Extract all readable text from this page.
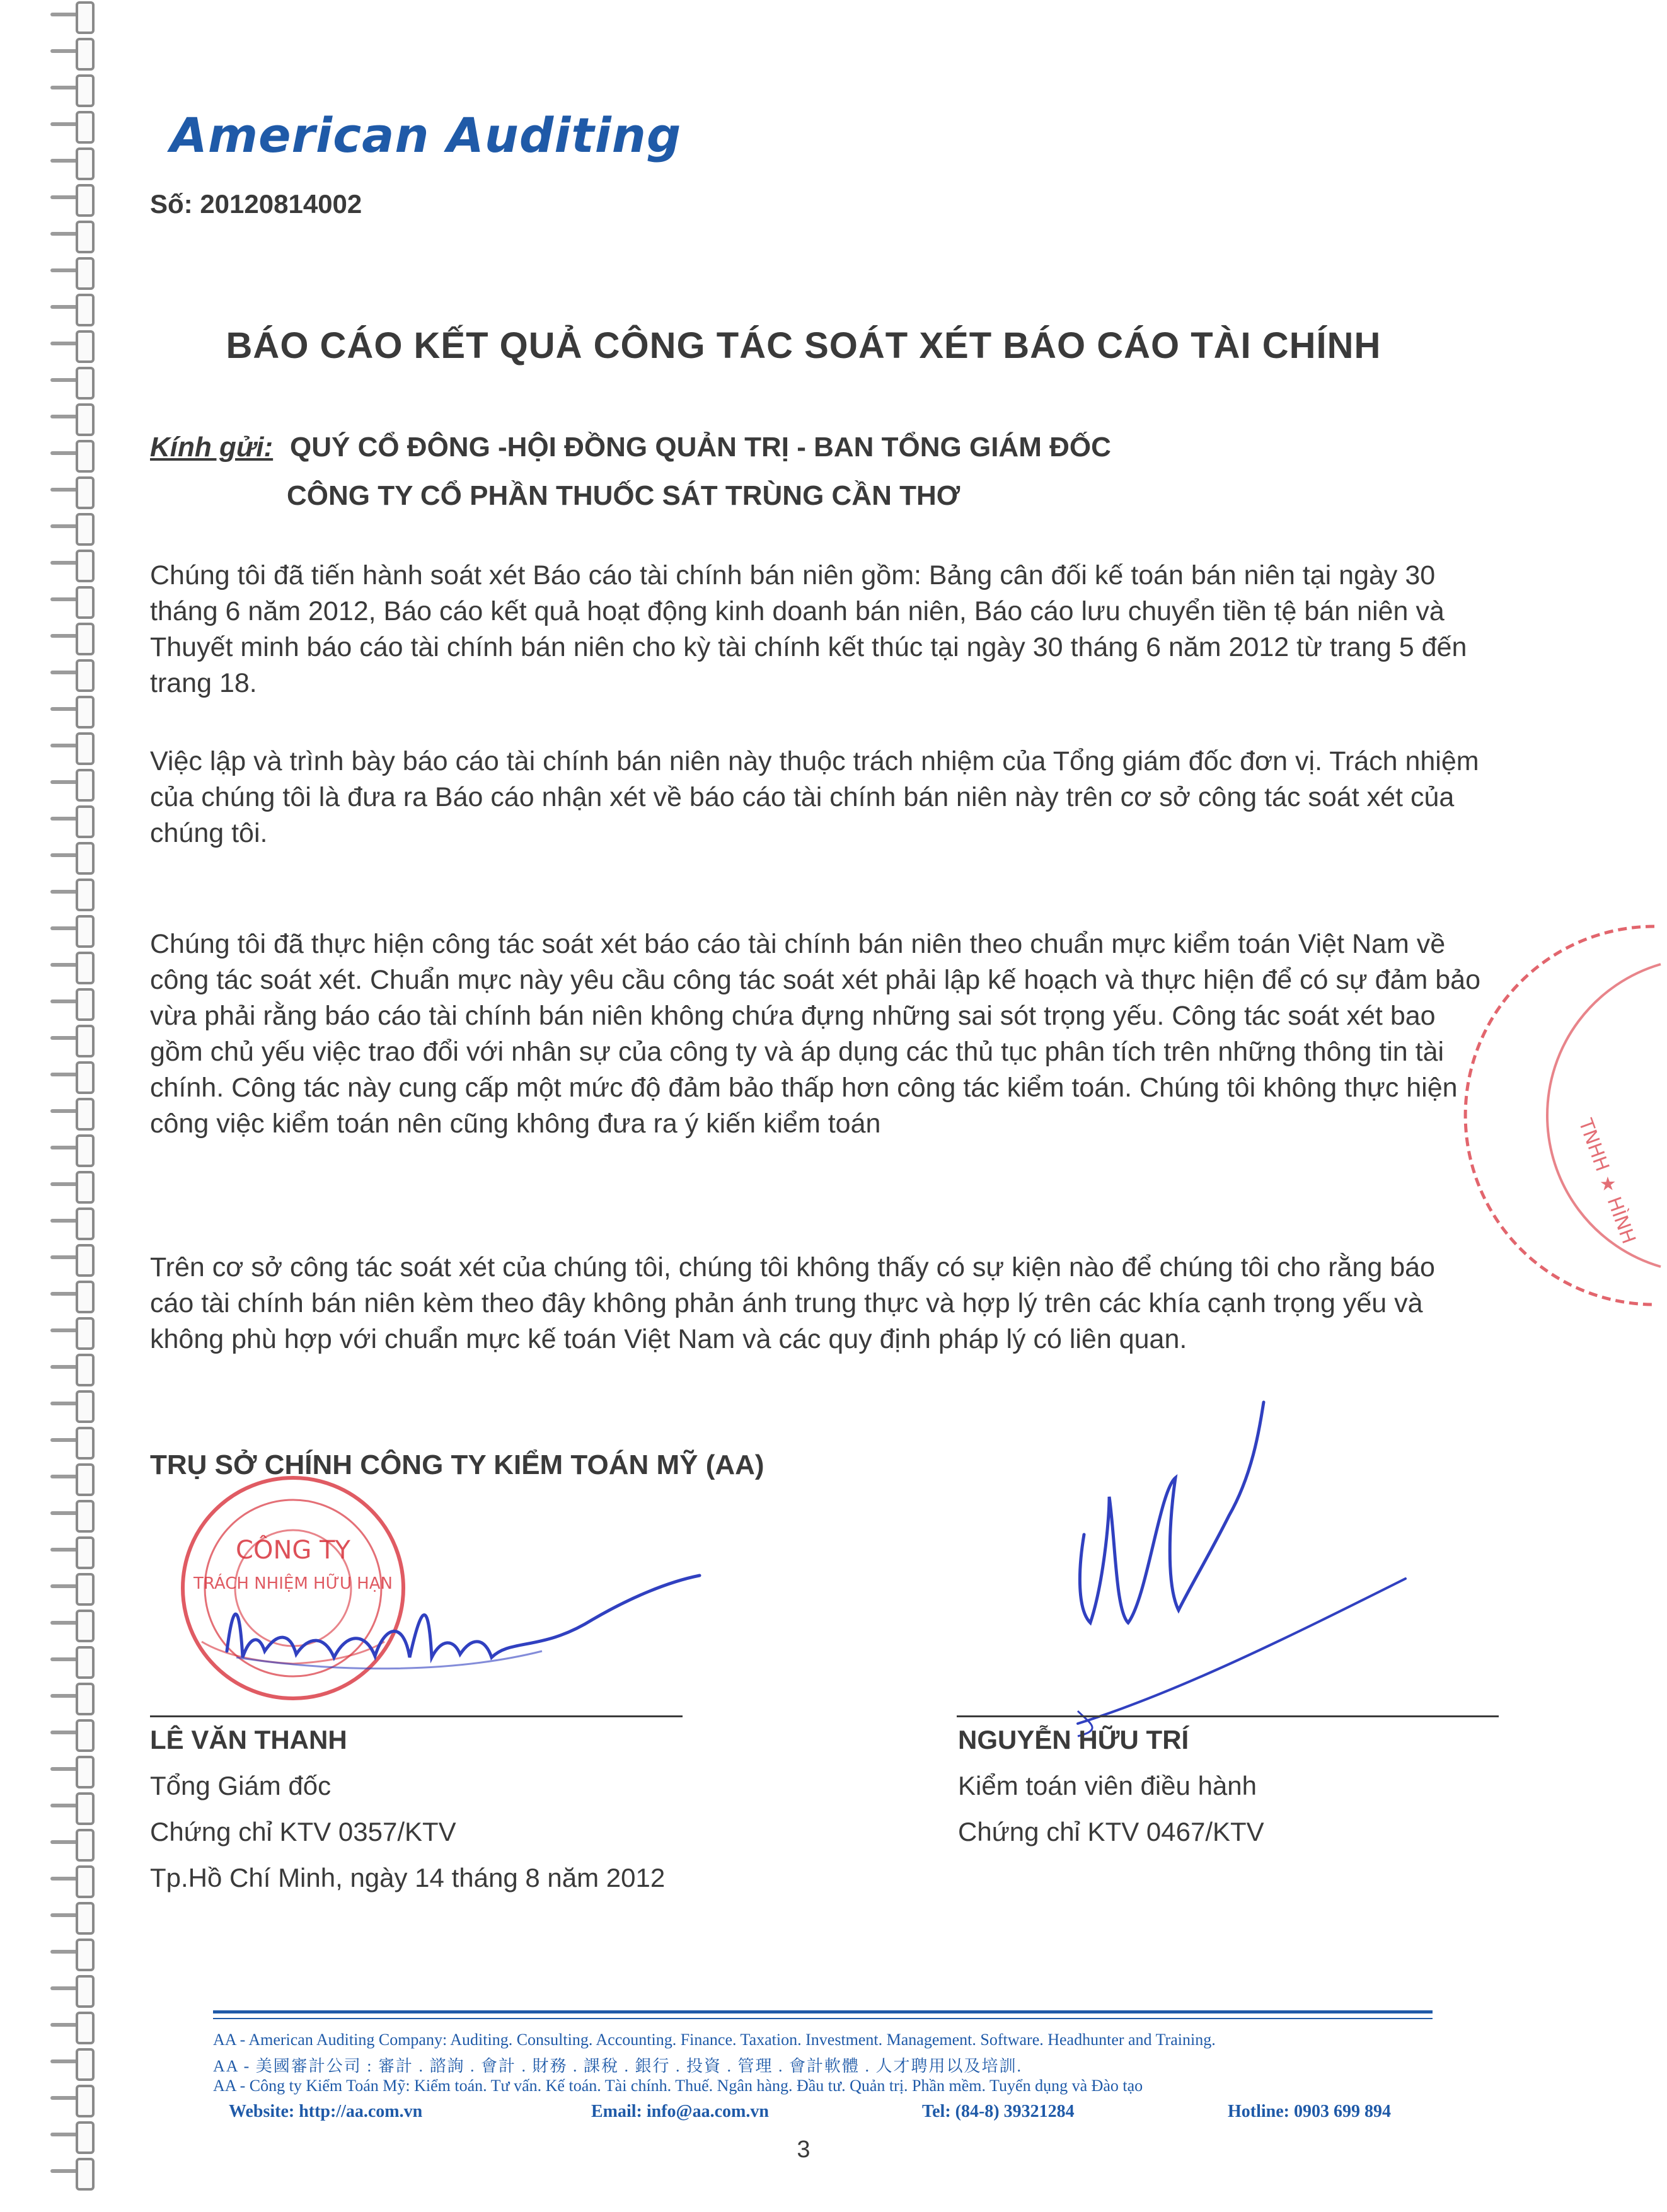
American Auditing
Số: 20120814002
BÁO CÁO KẾT QUẢ CÔNG TÁC SOÁT XÉT BÁO CÁO TÀI CHÍNH
Kính gửi: QUÝ CỔ ĐÔNG -HỘI ĐỒNG QUẢN TRỊ - BAN TỔNG GIÁM ĐỐC
CÔNG TY CỔ PHẦN THUỐC SÁT TRÙNG CẦN THƠ
Chúng tôi đã tiến hành soát xét Báo cáo tài chính bán niên gồm: Bảng cân đối kế toán bán niên tại ngày 30 tháng 6 năm 2012, Báo cáo kết quả hoạt động kinh doanh bán niên, Báo cáo lưu chuyển tiền tệ bán niên và Thuyết minh báo cáo tài chính bán niên cho kỳ tài chính kết thúc tại ngày 30 tháng 6 năm 2012 từ trang 5 đến trang 18.
Việc lập và trình bày báo cáo tài chính bán niên này thuộc trách nhiệm của Tổng giám đốc đơn vị. Trách nhiệm của chúng tôi là đưa ra Báo cáo nhận xét về báo cáo tài chính bán niên này trên cơ sở công tác soát xét của chúng tôi.
Chúng tôi đã thực hiện công tác soát xét báo cáo tài chính bán niên theo chuẩn mực kiểm toán Việt Nam về công tác soát xét. Chuẩn mực này yêu cầu công tác soát xét phải lập kế hoạch và thực hiện để có sự đảm bảo vừa phải rằng báo cáo tài chính bán niên không chứa đựng những sai sót trọng yếu. Công tác soát xét bao gồm chủ yếu việc trao đổi với nhân sự của công ty và áp dụng các thủ tục phân tích trên những thông tin tài chính. Công tác này cung cấp một mức độ đảm bảo thấp hơn công tác kiểm toán. Chúng tôi không thực hiện công việc kiểm toán nên cũng không đưa ra ý kiến kiểm toán
Trên cơ sở công tác soát xét của chúng tôi, chúng tôi không thấy có sự kiện nào để chúng tôi cho rằng báo cáo tài chính bán niên kèm theo đây không phản ánh trung thực và hợp lý trên các khía cạnh trọng yếu và không phù hợp với chuẩn mực kế toán Việt Nam và các quy định pháp lý có liên quan.
TRỤ SỞ CHÍNH CÔNG TY KIỂM TOÁN MỸ (AA)
TNHH ★ HÌNH
CÔNG TY
TRÁCH NHIỆM HỮU HẠN
LÊ VĂN THANH
Tổng Giám đốc
Chứng chỉ KTV 0357/KTV
Tp.Hồ Chí Minh, ngày 14 tháng 8 năm 2012
NGUYỄN HỮU TRÍ
Kiểm toán viên điều hành
Chứng chỉ KTV 0467/KTV
AA - American Auditing Company: Auditing. Consulting. Accounting. Finance. Taxation. Investment. Management. Software. Headhunter and Training.
AA - 美國審計公司 : 審計 . 諮詢 . 會計 . 財務 . 課稅 . 銀行 . 投資 . 管理 . 會計軟體 . 人才聘用以及培訓.
AA - Công ty Kiểm Toán Mỹ: Kiểm toán. Tư vấn. Kế toán. Tài chính. Thuế. Ngân hàng. Đầu tư. Quản trị. Phần mềm. Tuyển dụng và Đào tạo
Website: http://aa.com.vn	Email: info@aa.com.vn	Tel: (84-8) 39321284	Hotline: 0903 699 894
3
